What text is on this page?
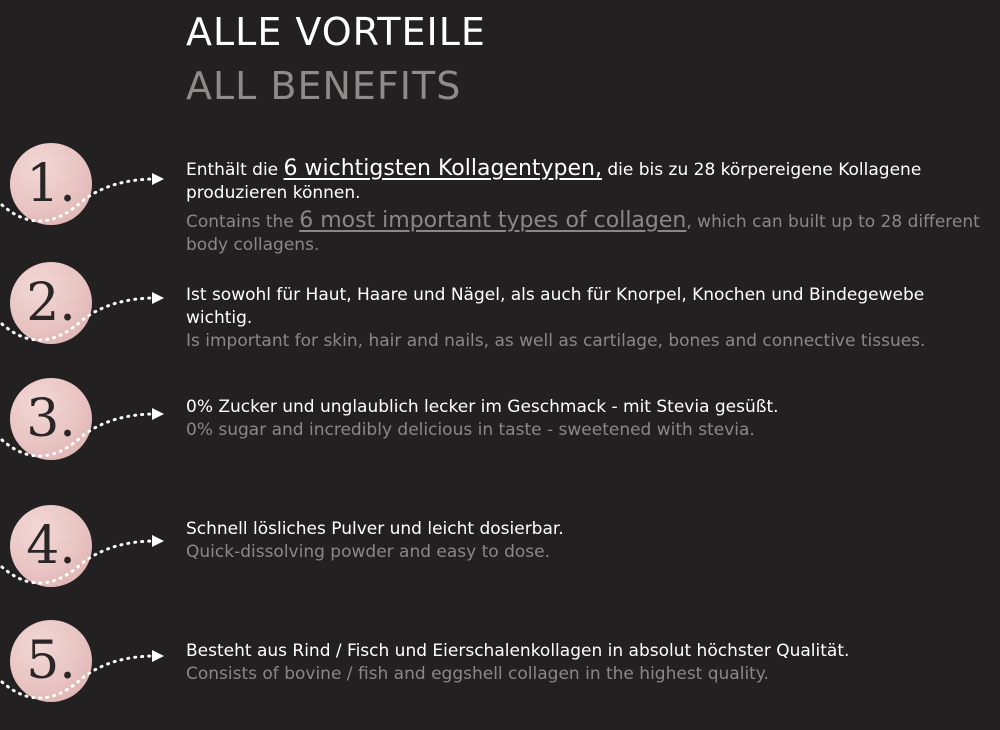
ALLE VORTEILE
ALL BENEFITS
1.	Enthält die 6 wichtigsten Kollagentypen, die bis zu 28 körpereigene Kollagene produzieren können.
Contains the 6 most important types of collagen, which can built up to 28 different body collagens.
2.	Ist sowohl für Haut, Haare und Nägel, als auch für Knorpel, Knochen und Bindegewebe wichtig.
Is important for skin, hair and nails, as well as cartilage, bones and connective tissues.
3.	0% Zucker und unglaublich lecker im Geschmack - mit Stevia gesüßt.
0% sugar and incredibly delicious in taste - sweetened with stevia.
4.	Schnell lösliches Pulver und leicht dosierbar.
Quick-dissolving powder and easy to dose.
5.	Besteht aus Rind / Fisch und Eierschalenkollagen in absolut höchster Qualität.
Consists of bovine / fish and eggshell collagen in the highest quality.
